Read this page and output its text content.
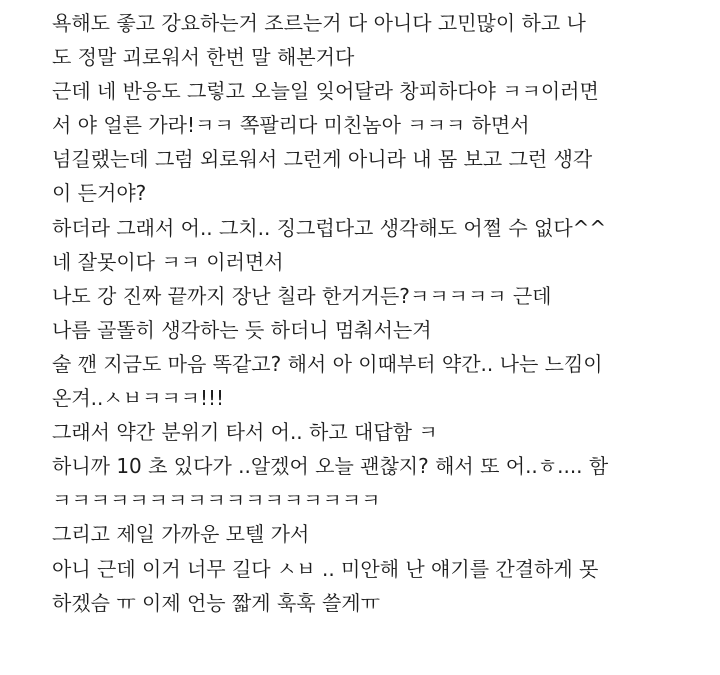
욕해도 좋고 강요하는거 조르는거 다 아니다 고민많이 하고 나
도 정말 괴로워서 한번 말 해본거다
근데 네 반응도 그렇고 오늘일 잊어달라 창피하다야 ㅋㅋ이러면
서 야 얼른 가라!ㅋㅋ 쪽팔리다 미친놈아 ㅋㅋㅋ 하면서
넘길랬는데 그럼 외로워서 그런게 아니라 내 몸 보고 그런 생각
이 든거야?
하더라 그래서 어.. 그치.. 징그럽다고 생각해도 어쩔 수 없다^^
네 잘못이다 ㅋㅋ 이러면서
나도 강 진짜 끝까지 장난 칠라 한거거든?ㅋㅋㅋㅋㅋ 근데
나름 골똘히 생각하는 듯 하더니 멈춰서는겨
술 깬 지금도 마음 똑같고? 해서 아 이때부터 약간.. 나는 느낌이
온겨..ㅅㅂㅋㅋㅋ!!!
그래서 약간 분위기 타서 어.. 하고 대답함 ㅋ
하니까 10 초 있다가 ..알겠어 오늘 괜찮지? 해서 또 어..ㅎ.... 함
ㅋㅋㅋㅋㅋㅋㅋㅋㅋㅋㅋㅋㅋㅋㅋㅋㅋ
그리고 제일 가까운 모텔 가서
아니 근데 이거 너무 길다 ㅅㅂ .. 미안해 난 얘기를 간결하게 못
하겠슴 ㅠ 이제 언능 짧게 훅훅 쓸게ㅠ
